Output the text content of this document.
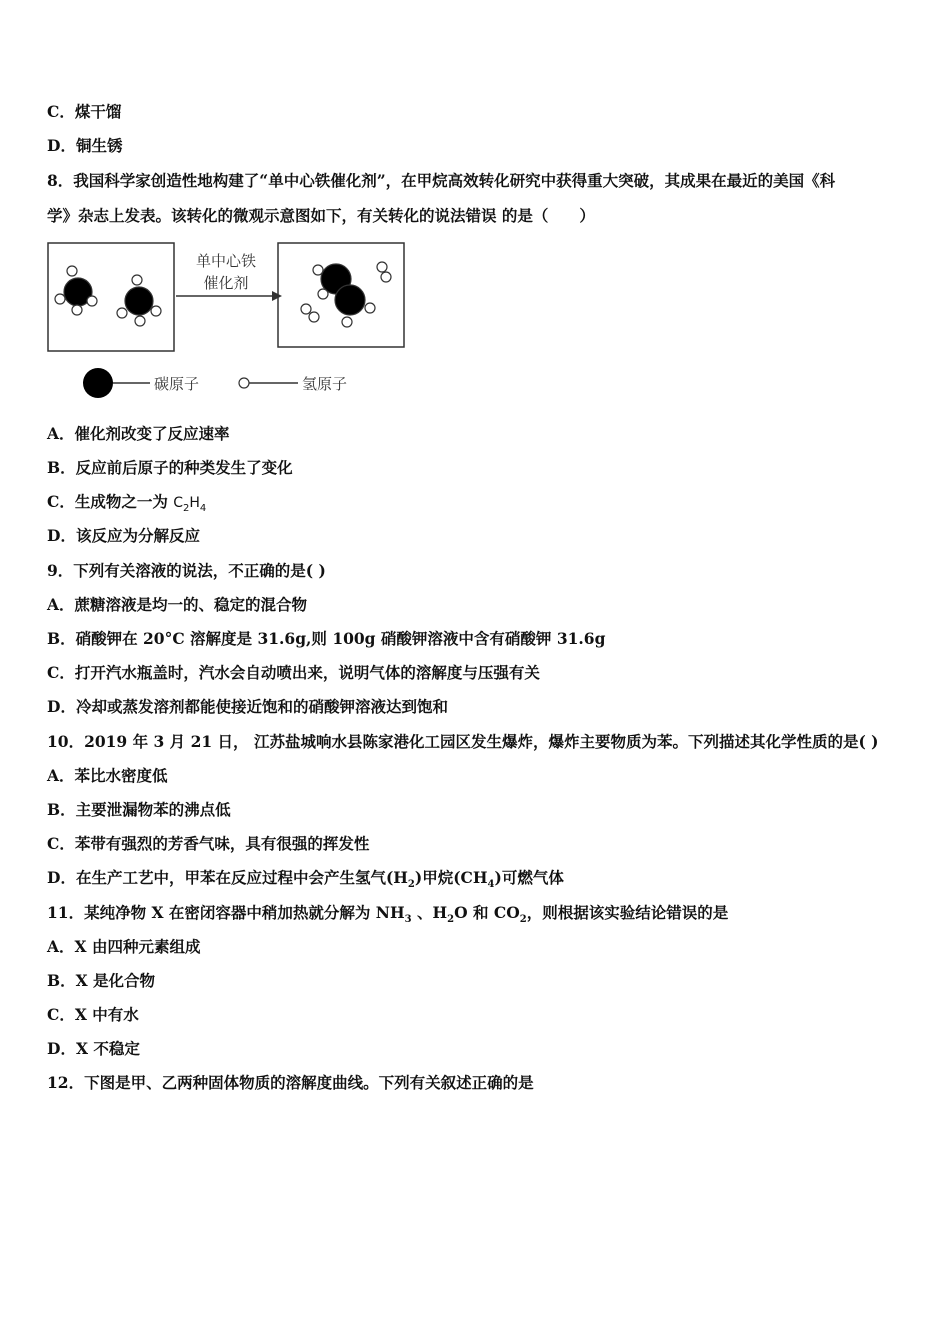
C．煤干馏
D．铜生锈
8．我国科学家创造性地构建了“单中心铁催化剂”，在甲烷高效转化研究中获得重大突破，其成果在最近的美国《科
学》杂志上发表。该转化的微观示意图如下，有关转化的说法错误 的是（　　）
单中心铁
催化剂
碳原子	氢原子
A．催化剂改变了反应速率
B．反应前后原子的种类发生了变化
C．生成物之一为 $C_2H_4$
D．该反应为分解反应
9．下列有关溶液的说法，不正确的是( )
A．蔗糖溶液是均一的、稳定的混合物
B．硝酸钾在 20°C 溶解度是 31.6g,则 100g 硝酸钾溶液中含有硝酸钾 31.6g
C．打开汽水瓶盖时，汽水会自动喷出来，说明气体的溶解度与压强有关
D．冷却或蒸发溶剂都能使接近饱和的硝酸钾溶液达到饱和
10．2019 年 3 月 21 日， 江苏盐城响水县陈家港化工园区发生爆炸，爆炸主要物质为苯。下列描述其化学性质的是( )
A．苯比水密度低
B．主要泄漏物苯的沸点低
C．苯带有强烈的芳香气味，具有很强的挥发性
D．在生产工艺中，甲苯在反应过程中会产生氢气$(H_2)$甲烷$(CH_4)$可燃气体
11．某纯净物 X 在密闭容器中稍加热就分解为 $NH_3$ 、$H_2O$ 和 $CO_2$，则根据该实验结论错误的是
A．X 由四种元素组成
B．X 是化合物
C．X 中有水
D．X 不稳定
12．下图是甲、乙两种固体物质的溶解度曲线。下列有关叙述正确的是
